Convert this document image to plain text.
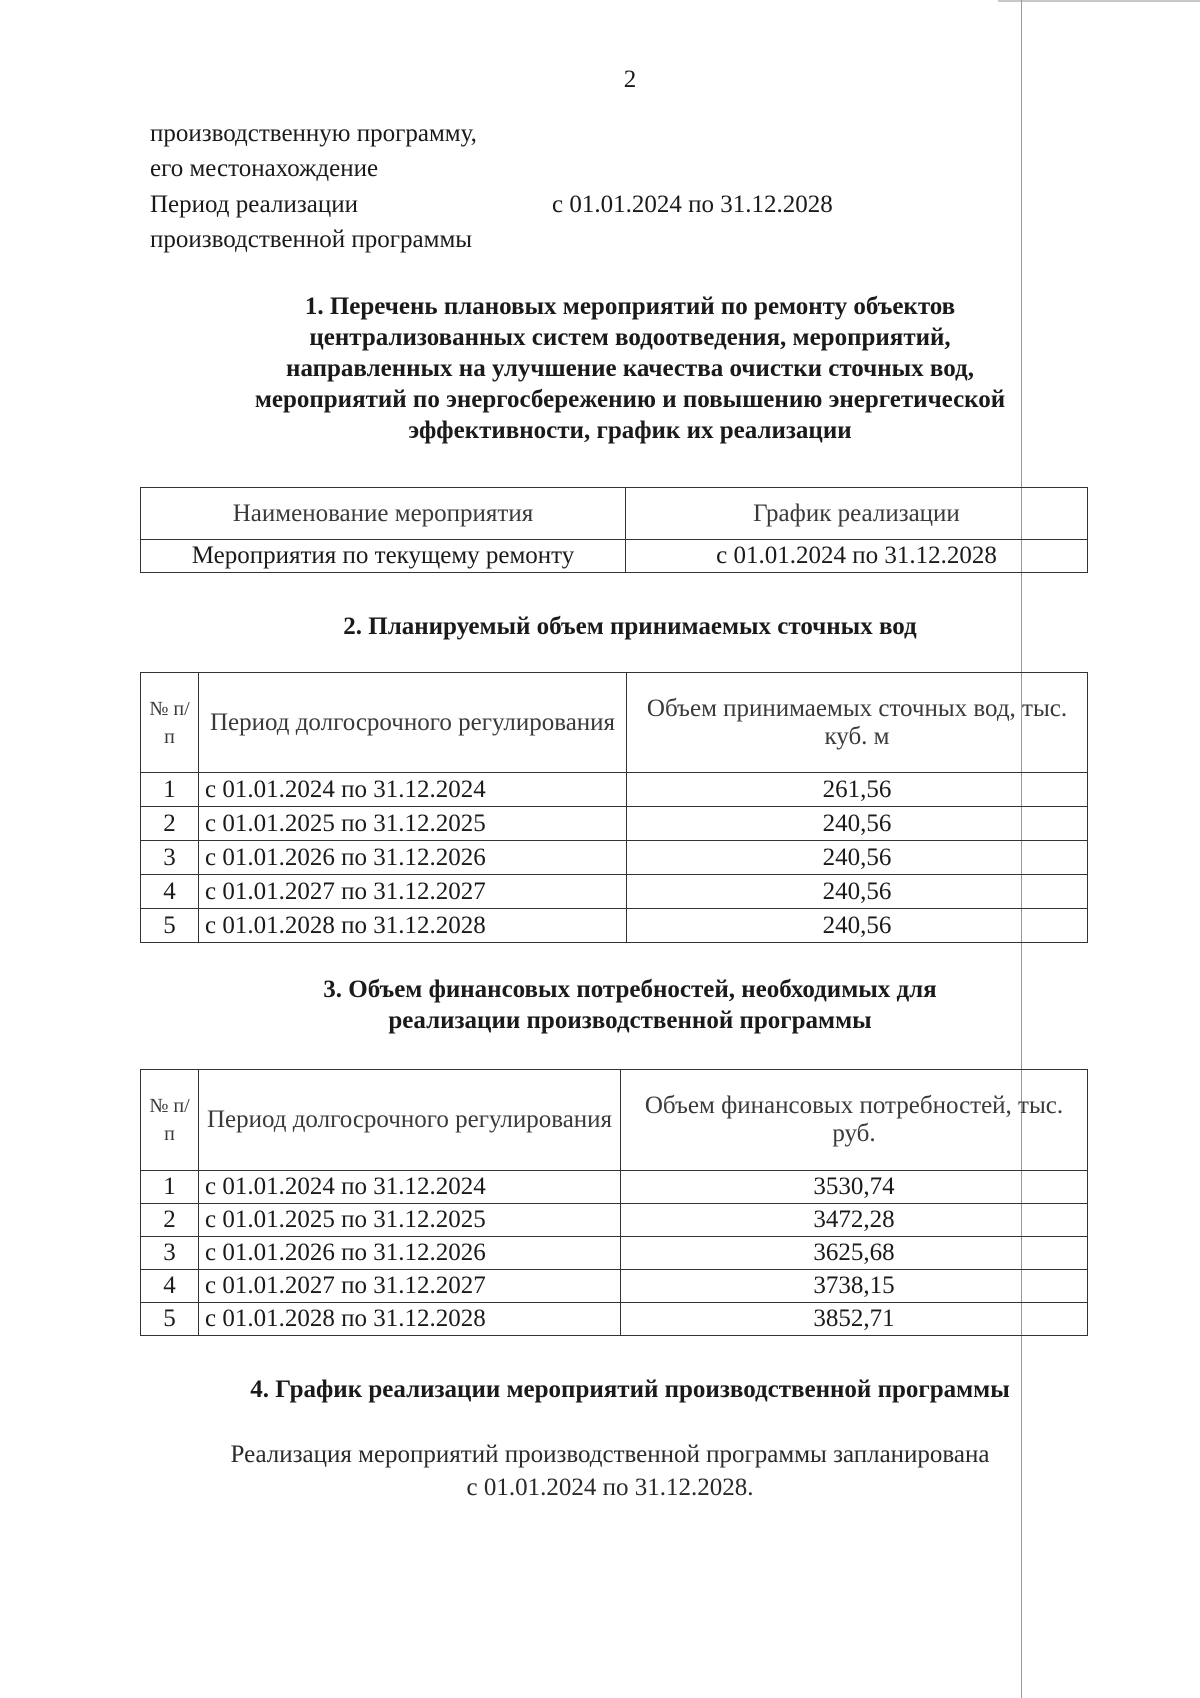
2
производственную программу,
его местонахождение
Период реализации	с 01.01.2024 по 31.12.2028
производственной программы
1. Перечень плановых мероприятий по ремонту объектов
централизованных систем водоотведения, мероприятий,
направленных на улучшение качества очистки сточных вод,
мероприятий по энергосбережению и повышению энергетической
эффективности, график их реализации
Наименование мероприятия	График реализации
Мероприятия по текущему ремонту	с 01.01.2024 по 31.12.2028
2. Планируемый объем принимаемых сточных вод
№ п/ п	Период долгосрочного регулирования	Объем принимаемых сточных вод, тыс. куб. м
1	с 01.01.2024 по 31.12.2024	261,56
2	с 01.01.2025 по 31.12.2025	240,56
3	с 01.01.2026 по 31.12.2026	240,56
4	с 01.01.2027 по 31.12.2027	240,56
5	с 01.01.2028 по 31.12.2028	240,56
3. Объем финансовых потребностей, необходимых для
реализации производственной программы
№ п/ п	Период долгосрочного регулирования	Объем финансовых потребностей, тыс. руб.
1	с 01.01.2024 по 31.12.2024	3530,74
2	с 01.01.2025 по 31.12.2025	3472,28
3	с 01.01.2026 по 31.12.2026	3625,68
4	с 01.01.2027 по 31.12.2027	3738,15
5	с 01.01.2028 по 31.12.2028	3852,71
4. График реализации мероприятий производственной программы
Реализация мероприятий производственной программы запланирована
с 01.01.2024 по 31.12.2028.
